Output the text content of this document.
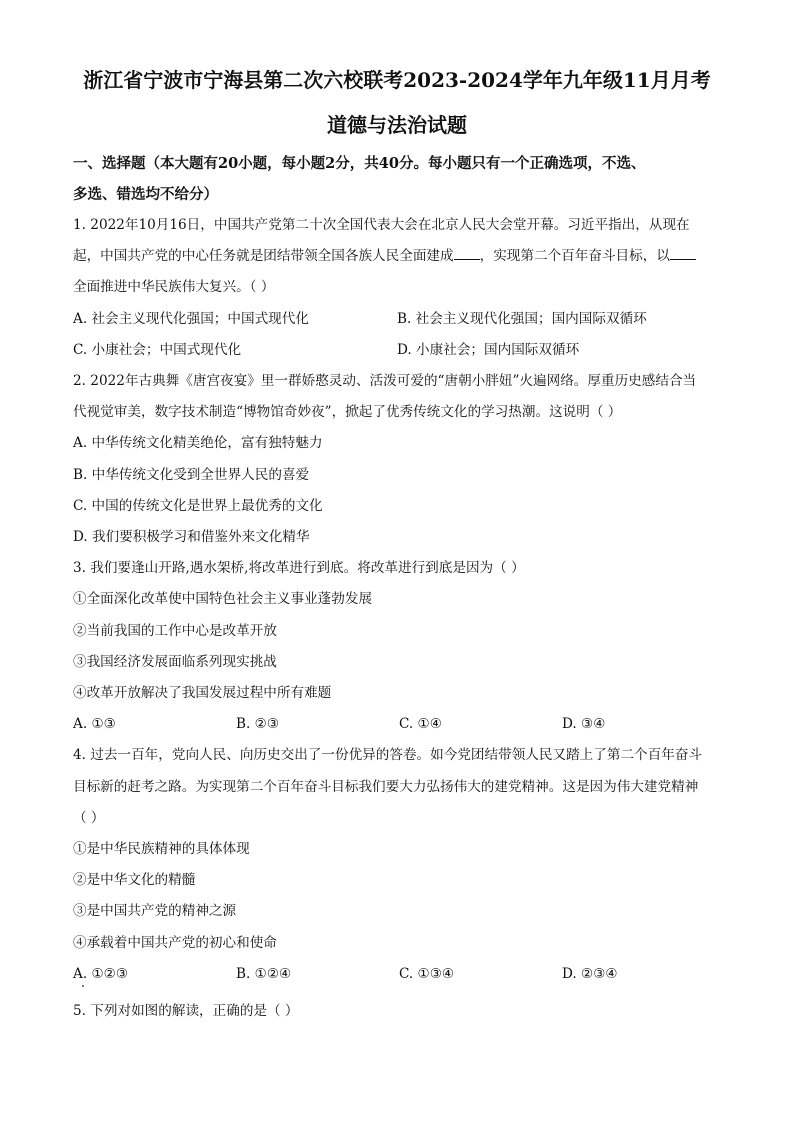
浙江省宁波市宁海县第二次六校联考2023-2024学年九年级11月月考
道德与法治试题
一、选择题（本大题有20小题，每小题2分，共40分。每小题只有一个正确选项，不选、
多选、错选均不给分）
1. 2022年10月16日，中国共产党第二十次全国代表大会在北京人民大会堂开幕。习近平指出，从现在
起，中国共产党的中心任务就是团结带领全国各族人民全面建成 ，实现第二个百年奋斗目标，以
全面推进中华民族伟大复兴。（ ）
A. 社会主义现代化强国；中国式现代化	B. 社会主义现代化强国；国内国际双循环
C. 小康社会；中国式现代化	D. 小康社会；国内国际双循环
2. 2022年古典舞《唐宫夜宴》里一群娇憨灵动、活泼可爱的“唐朝小胖妞”火遍网络。厚重历史感结合当
代视觉审美，数字技术制造“博物馆奇妙夜”，掀起了优秀传统文化的学习热潮。这说明（ ）
A. 中华传统文化精美绝伦，富有独特魅力
B. 中华传统文化受到全世界人民的喜爱
C. 中国的传统文化是世界上最优秀的文化
D. 我们要积极学习和借鉴外来文化精华
3. 我们要逢山开路,遇水架桥,将改革进行到底。将改革进行到底是因为（ ）
①全面深化改革使中国特色社会主义事业蓬勃发展
②当前我国的工作中心是改革开放
③我国经济发展面临系列现实挑战
④改革开放解决了我国发展过程中所有难题
A. ①③	B. ②③	C. ①④	D. ③④
4. 过去一百年，党向人民、向历史交出了一份优异的答卷。如今党团结带领人民又踏上了第二个百年奋斗
目标新的赶考之路。为实现第二个百年奋斗目标我们要大力弘扬伟大的建党精神。这是因为伟大建党精神
（ ）
①是中华民族精神的具体体现
②是中华文化的精髓
③是中国共产党的精神之源
④承载着中国共产党的初心和使命
A. ①②③	B. ①②④	C. ①③④	D. ②③④
5. 下列对如图的解读，正确的是（ ）
